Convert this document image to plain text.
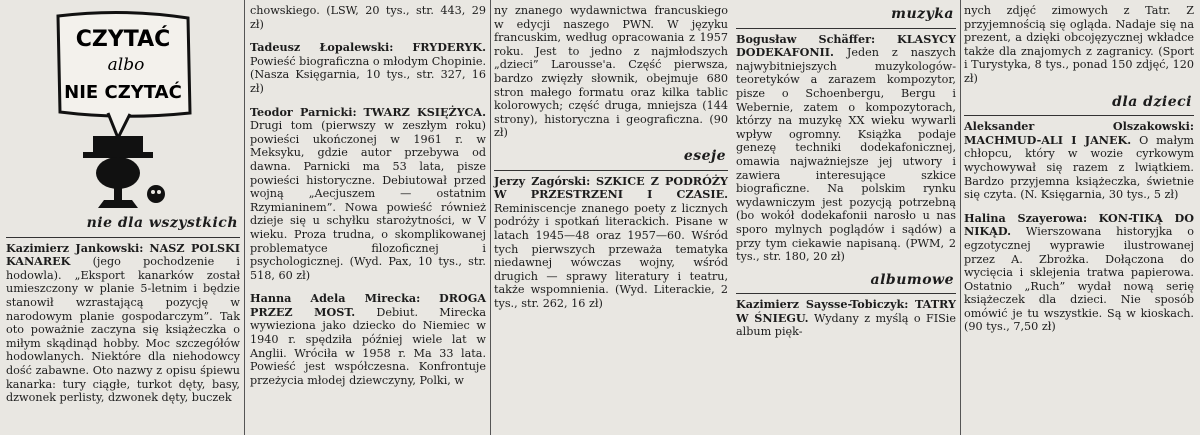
CZYTAĆ
albo
NIE CZYTAĆ
nie dla wszystkich

Kazimierz Jankowski: NASZ POLSKI KANAREK (jego pochodzenie i hodowla). „Eksport kanarków został umieszczony w planie 5-letnim i będzie stanowił wzrastającą pozycję w narodowym planie gospodarczym”. Tak oto poważnie zaczyna się książeczka o miłym skądinąd hobby. Moc szczegółów hodowlanych. Niektóre dla niehodowcy dość zabawne. Oto nazwy z opisu śpiewu kanarka: tury ciągłe, turkot dęty, basy, dzwonek perlisty, dzwonek dęty, buczek

chowskiego. (LSW, 20 tys., str. 443, 29 zł)

Tadeusz Łopalewski: FRYDERYK. Powieść biograficzna o młodym Chopinie. (Nasza Księgarnia, 10 tys., str. 327, 16 zł)

Teodor Parnicki: TWARZ KSIĘŻYCA. Drugi tom (pierwszy w zeszłym roku) powieści ukończonej w 1961 r. w Meksyku, gdzie autor przebywa od dawna. Parnicki ma 53 lata, pisze powieści historyczne. Debiutował przed wojną „Aecjuszem — ostatnim Rzymianinem”. Nowa powieść również dzieje się u schyłku starożytności, w V wieku. Proza trudna, o skomplikowanej problematyce filozoficznej i psychologicznej. (Wyd. Pax, 10 tys., str. 518, 60 zł)

Hanna Adela Mirecka: DROGA PRZEZ MOST. Debiut. Mirecka wywieziona jako dziecko do Niemiec w 1940 r. spędziła później wiele lat w Anglii. Wróciła w 1958 r. Ma 33 lata. Powieść jest współczesna. Konfrontuje przeżycia młodej dziewczyny, Polki, w

ny znanego wydawnictwa francuskiego w edycji naszego PWN. W języku francuskim, według opracowania z 1957 roku. Jest to jedno z najmłodszych „dzieci” Larousse'a. Część pierwsza, bardzo zwięzły słownik, obejmuje 680 stron małego formatu oraz kilka tablic kolorowych; część druga, mniejsza (144 strony), historyczna i geograficzna. (90 zł)

eseje

Jerzy Zagórski: SZKICE Z PODRÓŻY W PRZESTRZENI I CZASIE. Reminiscencje znanego poety z licznych podróży i spotkań literackich. Pisane w latach 1945—48 oraz 1957—60. Wśród tych pierwszych przeważa tematyka niedawnej wówczas wojny, wśród drugich — sprawy literatury i teatru, także wspomnienia. (Wyd. Literackie, 2 tys., str. 262, 16 zł)

muzyka

Bogusław Schäffer: KLASYCY DODEKAFONII. Jeden z naszych najwybitniejszych muzykologów-teoretyków a zarazem kompozytor, pisze o Schoenbergu, Bergu i Webernie, zatem o kompozytorach, którzy na muzykę XX wieku wywarli wpływ ogromny. Książka podaje genezę techniki dodekafonicznej, omawia najważniejsze jej utwory i zawiera interesujące szkice biograficzne. Na polskim rynku wydawniczym jest pozycją potrzebną (bo wokół dodekafonii narosło u nas sporo mylnych poglądów i sądów) a przy tym ciekawie napisaną. (PWM, 2 tys., str. 180, 20 zł)

albumowe

Kazimierz Saysse-Tobiczyk: TATRY W ŚNIEGU. Wydany z myślą o FISie album pięk-

nych zdjęć zimowych z Tatr. Z przyjemnością się ogląda. Nadaje się na prezent, a dzięki obcojęzycznej wkładce także dla znajomych z zagranicy. (Sport i Turystyka, 8 tys., ponad 150 zdjęć, 120 zł)

dla dzieci

Aleksander Olszakowski: MACHMUD-ALI I JANEK. O małym chłopcu, który w wozie cyrkowym wychowywał się razem z lwiątkiem. Bardzo przyjemna książeczka, świetnie się czyta. (N. Księgarnia, 30 tys., 5 zł)

Halina Szayerowa: KON-TIKĄ DO NIKĄD. Wierszowana historyjka o egzotycznej wyprawie ilustrowanej przez A. Zbrożka. Dołączona do wycięcia i sklejenia tratwa papierowa. Ostatnio „Ruch” wydał nową serię książeczek dla dzieci. Nie sposób omówić je tu wszystkie. Są w kioskach. (90 tys., 7,50 zł)
